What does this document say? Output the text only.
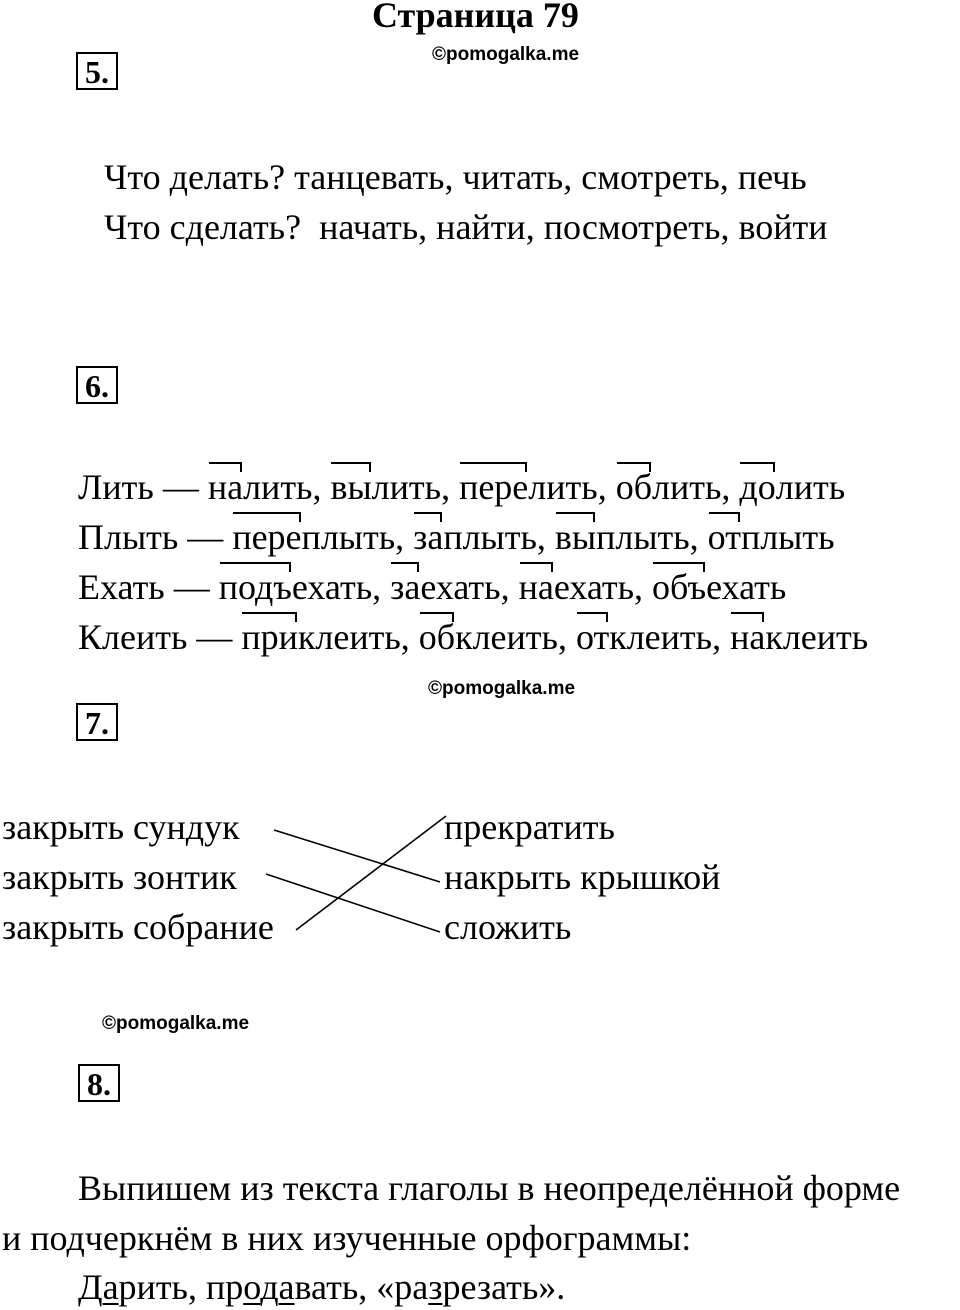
Страница 79
5.	©pomogalka.me
Что делать? танцевать, читать, смотреть, печь
Что сделать? начать, найти, посмотреть, войти
6.
Лить — налить, вылить, перелить, облить, долить
Плыть — переплыть, заплыть, выплыть, отплыть
Ехать — подъехать, заехать, наехать, объехать
Клеить — приклеить, обклеить, отклеить, наклеить
©pomogalka.me
7.
закрыть сундук
закрыть зонтик
закрыть собрание
прекратить
накрыть крышкой
сложить
©pomogalka.me
8.
Выпишем из текста глаголы в неопределённой форме
и подчеркнём в них изученные орфограммы:
Дарить, продавать, «разрезать».
